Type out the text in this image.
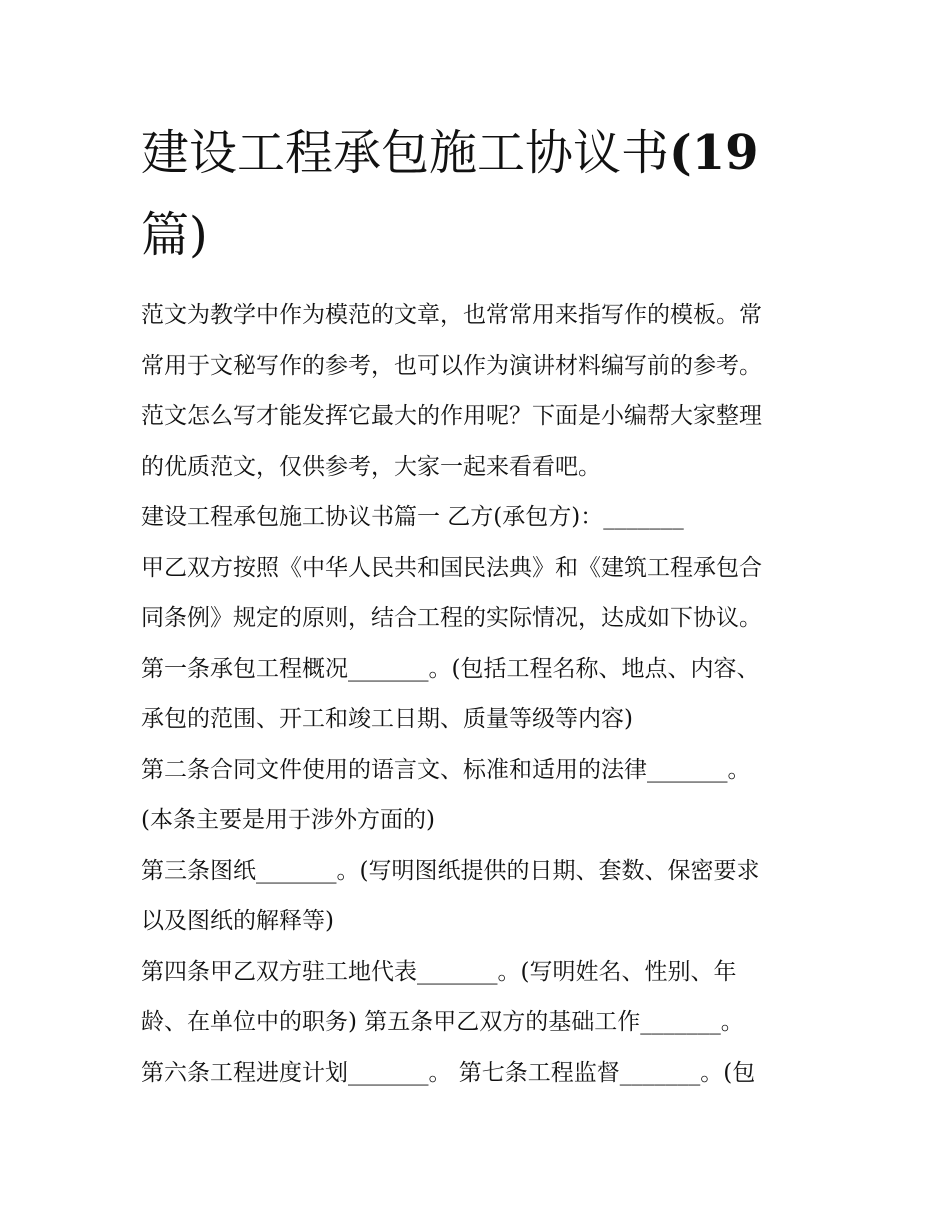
建设工程承包施工协议书(19
篇)
范文为教学中作为模范的文章，也常常用来指写作的模板。常
常用于文秘写作的参考，也可以作为演讲材料编写前的参考。
范文怎么写才能发挥它最大的作用呢？下面是小编帮大家整理
的优质范文，仅供参考，大家一起来看看吧。
建设工程承包施工协议书篇一 乙方(承包方)：_______
甲乙双方按照《中华人民共和国民法典》和《建筑工程承包合
同条例》规定的原则，结合工程的实际情况，达成如下协议。
第一条承包工程概况_______。(包括工程名称、地点、内容、
承包的范围、开工和竣工日期、质量等级等内容)
第二条合同文件使用的语言文、标准和适用的法律_______。
(本条主要是用于涉外方面的)
第三条图纸_______。(写明图纸提供的日期、套数、保密要求
以及图纸的解释等)
第四条甲乙双方驻工地代表_______。(写明姓名、性别、年
龄、在单位中的职务) 第五条甲乙双方的基础工作_______。
第六条工程进度计划_______。 第七条工程监督_______。(包
